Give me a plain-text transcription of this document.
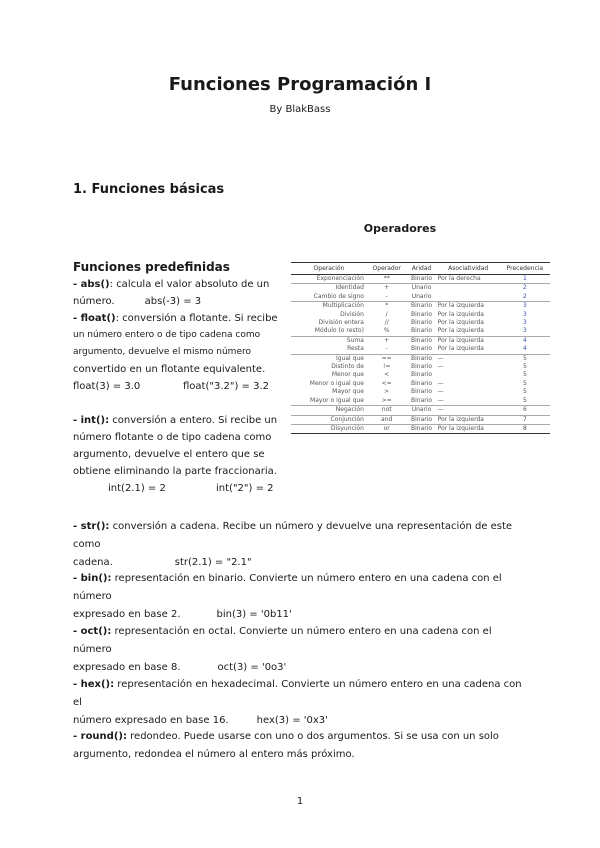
Funciones Programación I
By BlakBass
1. Funciones básicas
Operadores
Operación	Operador	Aridad	Asociatividad	Precedencia
Exponenciación	**	Binario	Por la derecha	1
Identidad	+	Unario		2
Cambio de signo	-	Unario		2
Multiplicación	*	Binario	Por la izquierda	3
División	/	Binario	Por la izquierda	3
División entera	//	Binario	Por la izquierda	3
Módulo (o resto)	%	Binario	Por la izquierda	3
Suma	+	Binario	Por la izquierda	4
Resta	-	Binario	Por la izquierda	4
Igual que	==	Binario	—	5
Distinto de	!=	Binario	—	5
Menor que	<	Binario		5
Menor o igual que	<=	Binario	—	5
Mayor que	>	Binario	—	5
Mayor o igual que	>=	Binario	—	5
Negación	not	Unario	—	6
Conjunción	and	Binario	Por la izquierda	7
Disyunción	or	Binario	Por la izquierda	8
Funciones predefinidas

- abs(): calcula el valor absoluto de un

número.	abs(-3) = 3

- float(): conversión a flotante. Si recibe

un número entero o de tipo cadena como

argumento, devuelve el mismo número

convertido en un flotante equivalente.

float(3) = 3.0	float("3.2") = 3.2

- int(): conversión a entero. Si recibe un

número flotante o de tipo cadena como

argumento, devuelve el entero que se

obtiene eliminando la parte fraccionaria.

int(2.1) = 2	int("2") = 2

- str(): conversión a cadena. Recibe un número y devuelve una representación de este como

cadena.	str(2.1) = "2.1"

- bin(): representación en binario. Convierte un número entero en una cadena con el número

expresado en base 2.	bin(3) = '0b11'

- oct(): representación en octal. Convierte un número entero en una cadena con el número

expresado en base 8.	oct(3) = '0o3'

- hex(): representación en hexadecimal. Convierte un número entero en una cadena con el

número expresado en base 16.	hex(3) = '0x3'

- round(): redondeo. Puede usarse con uno o dos argumentos. Si se usa con un solo

argumento, redondea el número al entero más próximo.

1
